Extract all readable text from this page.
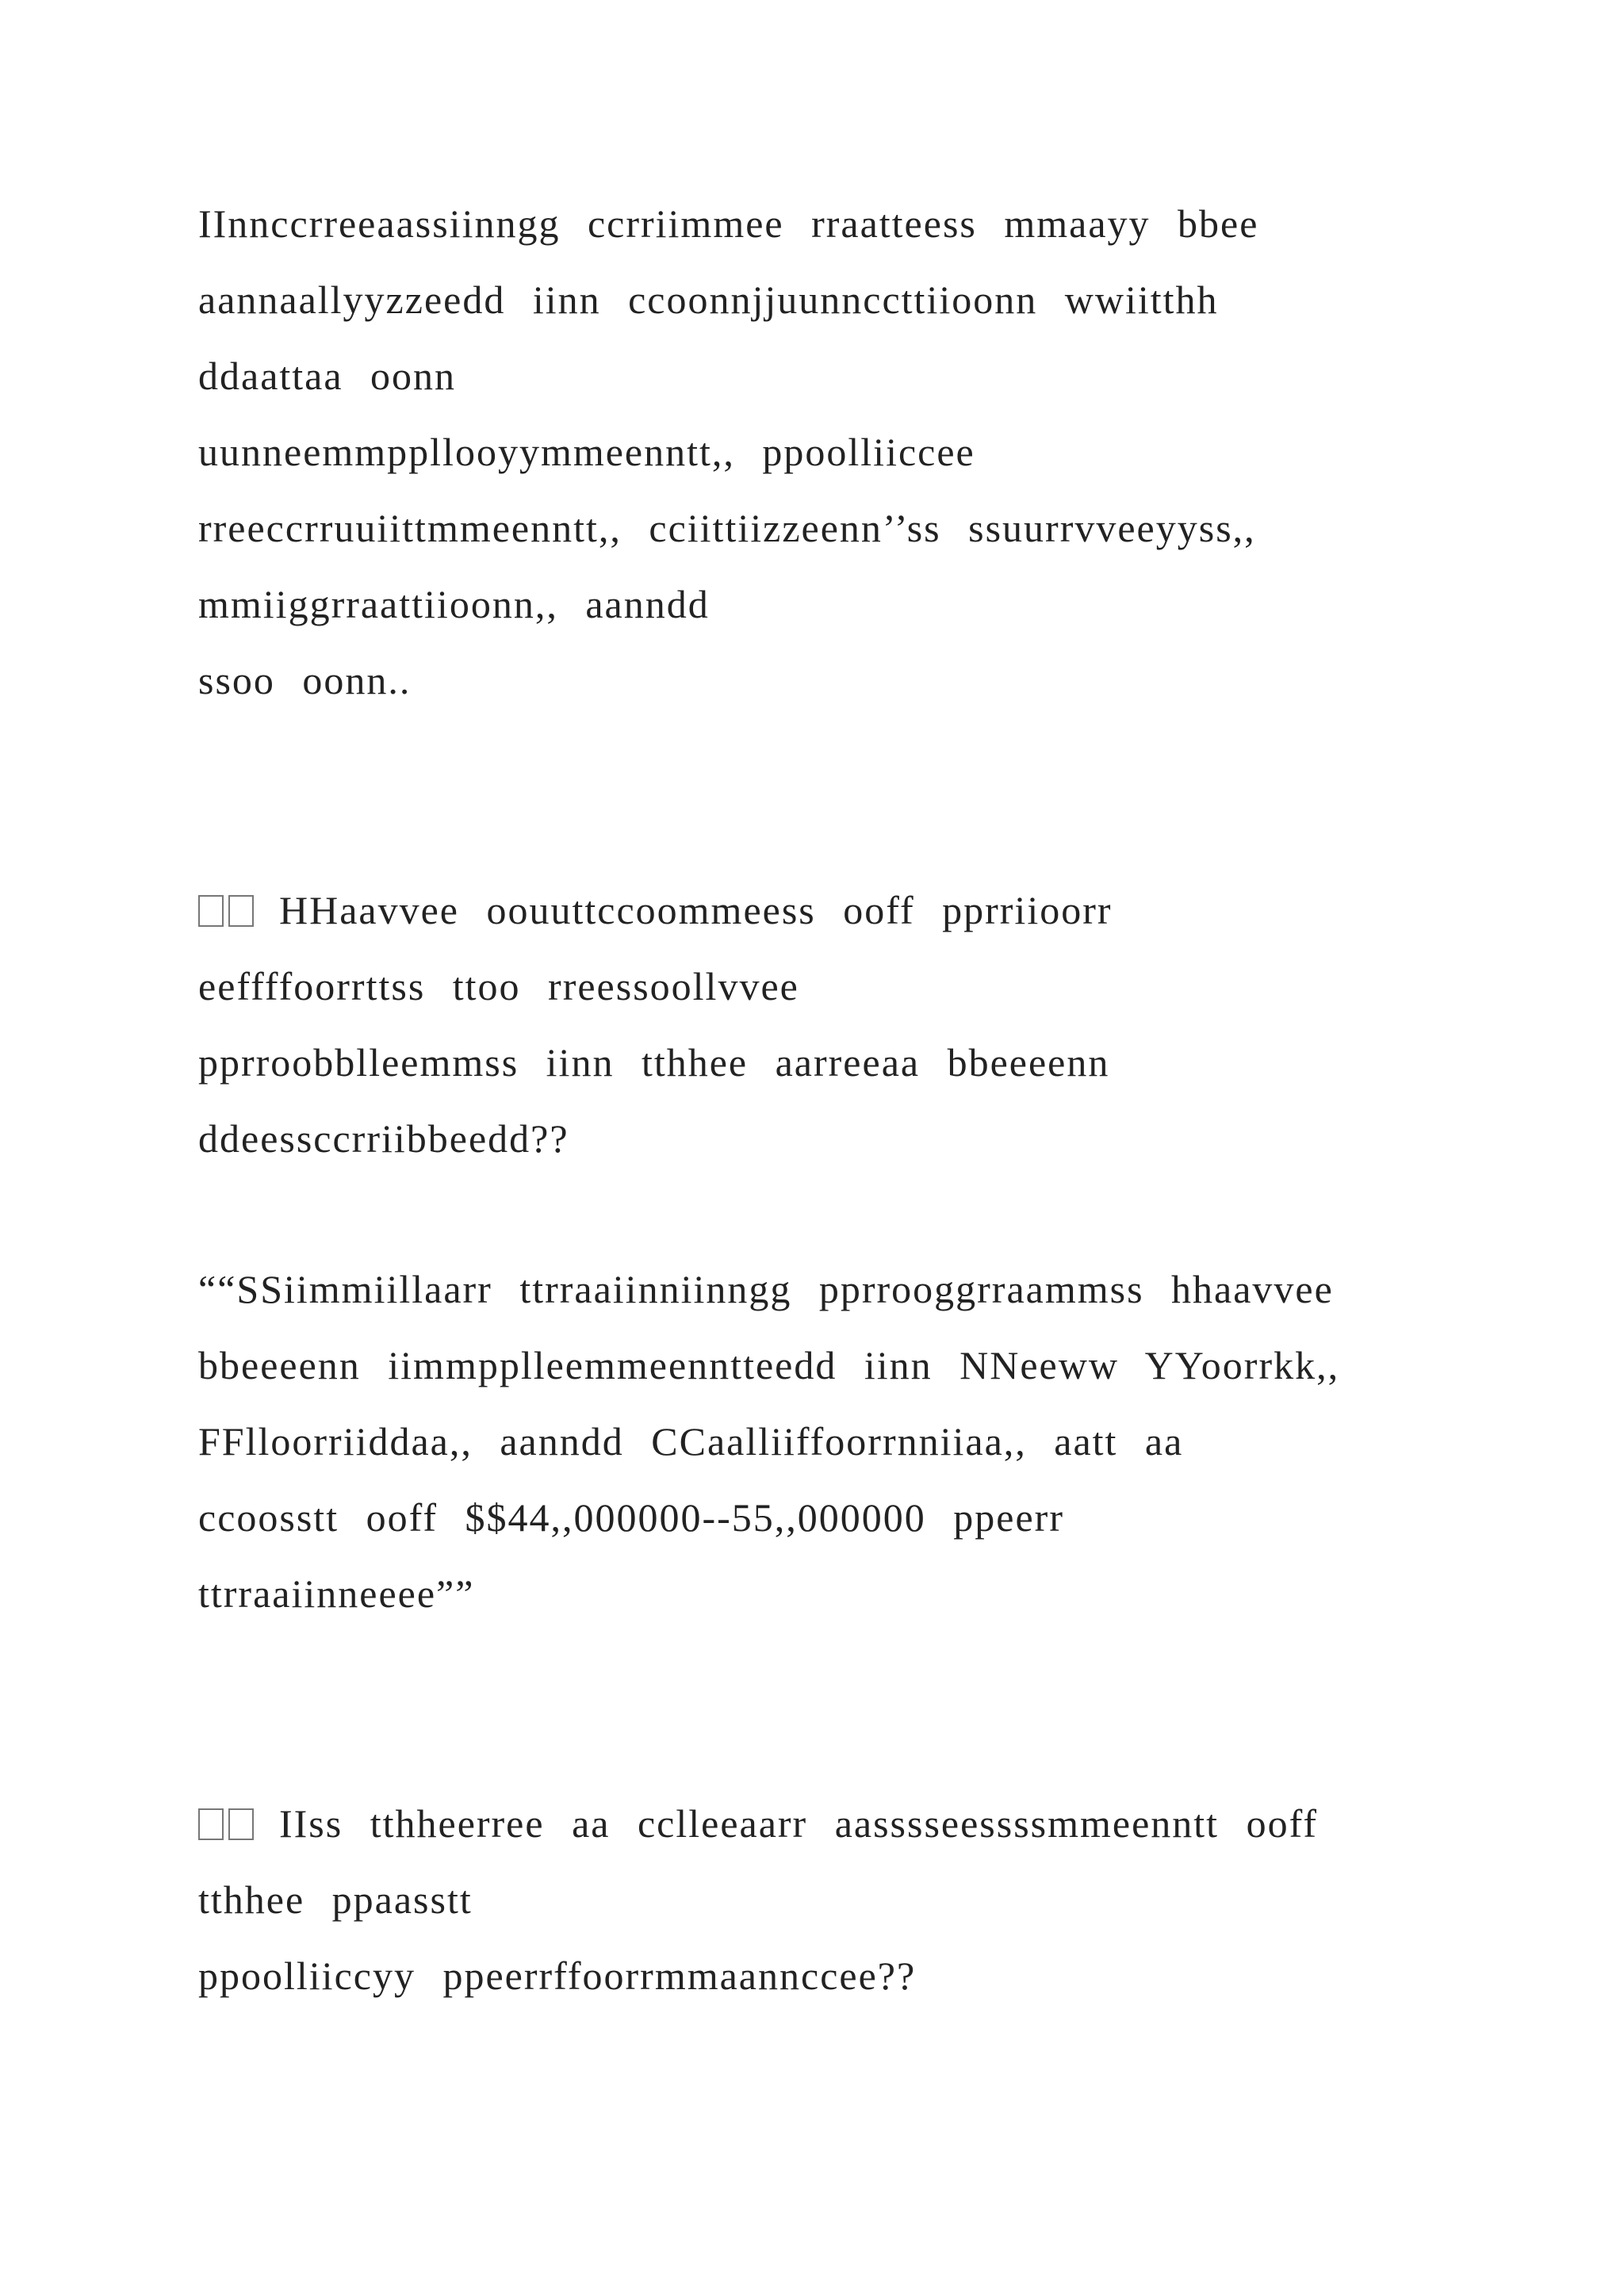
IInnccrreeaassiinngg ccrriimmee rraatteess mmaayy bbee

aannaallyyzzeedd iinn ccoonnjjuunnccttiioonn wwiitthh

ddaattaa oonn

uunneemmppllooyymmeenntt,, ppoolliiccee

rreeccrruuiittmmeenntt,, cciittiizzeenn’’ss ssuurrvveeyyss,,

mmiiggrraattiioonn,, aanndd

ssoo oonn..

HHaavvee oouuttccoommeess ooff pprriioorr

eeffffoorrttss ttoo rreessoollvvee

pprroobblleemmss iinn tthhee aarreeaa bbeeeenn

ddeessccrriibbeedd??

““SSiimmiillaarr ttrraaiinniinngg pprrooggrraammss hhaavvee

bbeeeenn iimmpplleemmeenntteedd iinn NNeeww YYoorrkk,,

FFlloorriiddaa,, aanndd CCaalliiffoorrnniiaa,, aatt aa

ccoosstt ooff $$44,,000000--55,,000000 ppeerr

ttrraaiinneeee””

IIss tthheerree aa cclleeaarr aasssseessssmmeenntt ooff

tthhee ppaasstt

ppoolliiccyy ppeerrffoorrmmaannccee??
